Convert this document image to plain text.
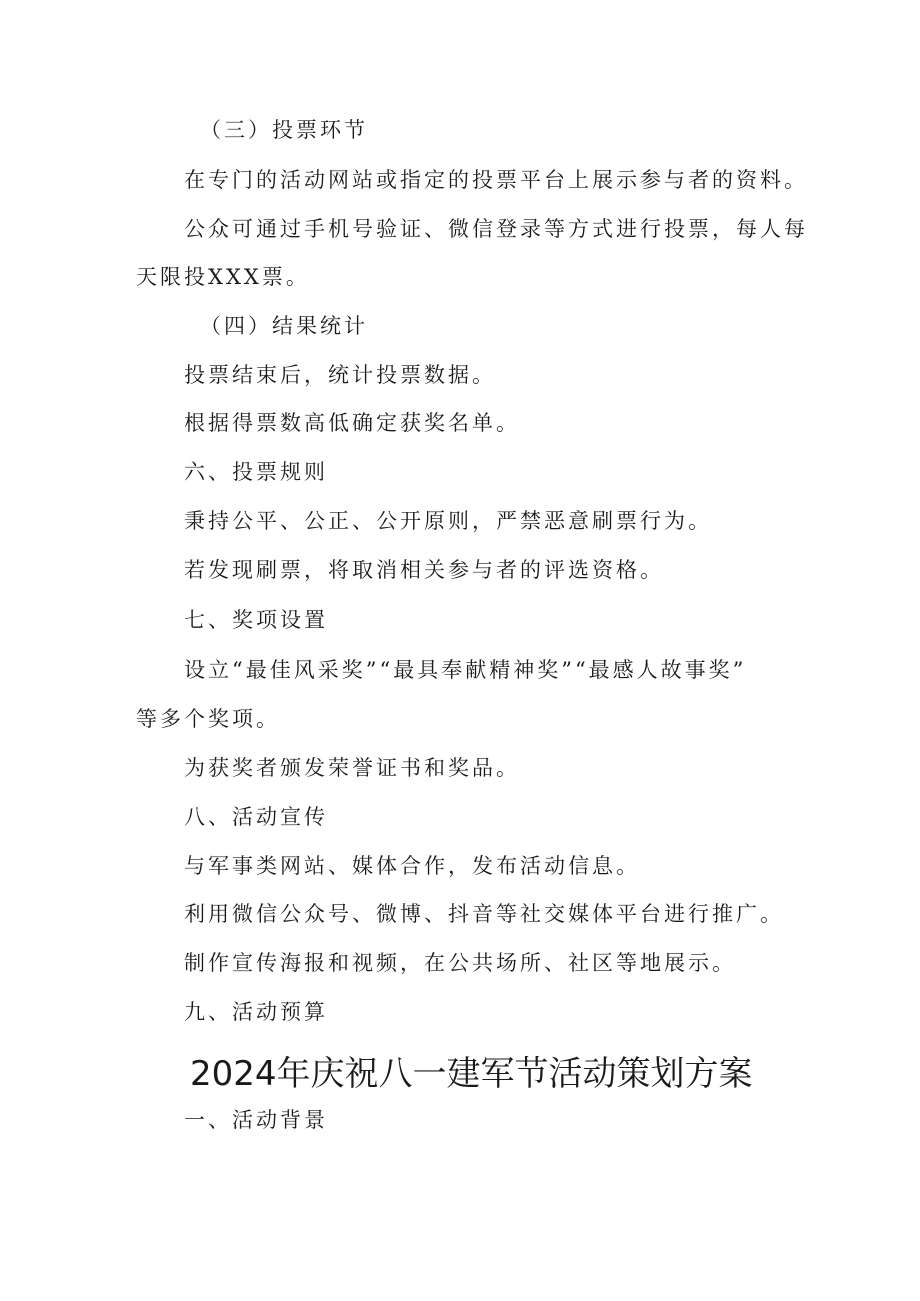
（三）投票环节
在专门的活动网站或指定的投票平台上展示参与者的资料。
公众可通过手机号验证、微信登录等方式进行投票，每人每
天限投XXX票。
（四）结果统计
投票结束后，统计投票数据。
根据得票数高低确定获奖名单。
六、投票规则
秉持公平、公正、公开原则，严禁恶意刷票行为。
若发现刷票，将取消相关参与者的评选资格。
七、奖项设置
设立“最佳风采奖”“最具奉献精神奖”“最感人故事奖”
等多个奖项。
为获奖者颁发荣誉证书和奖品。
八、活动宣传
与军事类网站、媒体合作，发布活动信息。
利用微信公众号、微博、抖音等社交媒体平台进行推广。
制作宣传海报和视频，在公共场所、社区等地展示。
九、活动预算
2024年庆祝八一建军节活动策划方案
一、活动背景
